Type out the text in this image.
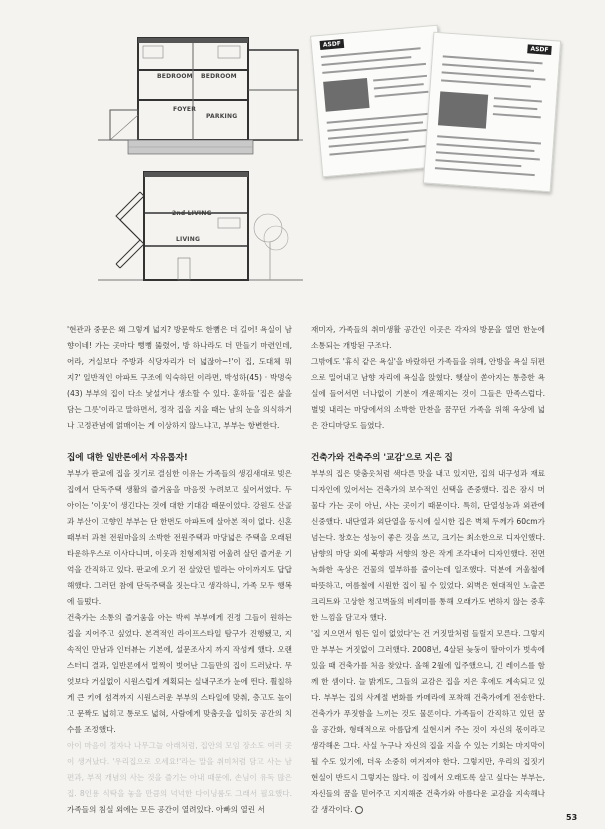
BEDROOM BEDROOM
FOYER
PARKING
2nd LIVING
LIVING
ASDF
ASDF

'현관과 중문은 왜 그렇게 넓지? 방문학도 한뼘은 더 길어! 욕실이 남향이네! 가는 곳마다 뻥뻥 뚫렸어, 방 하나라도 더 만들기 마련인데, 어라, 거실보다 주방과 식당자리가 더 넓잖아~!'이 집, 도대체 뭐지?' 일반적인 아파트 구조에 익숙하던 이라면, 박성하(45) · 박명숙(43) 부부의 집이 다소 낯설거나 생소할 수 있다. 훈하들 '집은 삶을 담는 그릇'이라고 말하면서, 정작 집을 지을 때는 남의 눈을 의식하거나 고정관념에 얽매이는 게 이상하지 않느냐고, 부부는 항변한다.

집에 대한 일반론에서 자유롭자!

부부가 판교에 집을 짓기로 결심한 이유는 가족들의 생김새대로 빚은 집에서 단독주택 생활의 즐거움을 마음껏 누려보고 싶어서였다. 두 아이는 '이웃'이 생긴다는 것에 대한 기대감 때문이었다. 강원도 산골과 부산이 고향인 부부는 단 한번도 아파트에 살아본 적이 없다. 신혼 때부터 과천 전원마을의 소박한 전원주택과 마당넓은 주택을 오래된 타운하우스로 이사다니며, 이웃과 친형제처럼 어울려 살던 즐거운 기억을 간직하고 있다. 판교에 오기 전 살았던 빌라는 아이까지도 답답해했다. 그러던 참에 단독주택을 짓는다고 생각하니, 가족 모두 행복에 들떴다.

건축가는 소통의 즐거움을 아는 박씨 부부에게 진정 그들이 원하는 집을 지어주고 싶었다. 본격적인 라이프스타일 탐구가 진행됐고, 지속적인 만남과 인터뷰는 기본에, 설문조사지 까지 작성케 했다. 오랜 스터디 결과, 일반론에서 멀찍이 벗어난 그들만의 집이 드러났다. 무엇보다 거실없이 시원스럽게 계획되는 실내구조가 눈에 띈다. 휠칠하게 큰 키에 섬격까지 시원스러운 부부의 스타일에 맞춰, 층고도 높이고 문짝도 넓히고 통로도 넓혀, 사람에게 맞춤옷을 입히듯 공간의 치수를 조정했다.

아이 마음이 정자나 나무그늘 아래처럼, 집안의 모임 장소도 여러 곳이 생겨났다. '우리집으로 오세요!'라는 말을 취미처럼 담고 사는 남편과, 부적 개념의 사는 것을 즐기는 아내 때문에, 손님이 유독 많은 집. 8인용 식탁을 놓을 만큼의 넉넉한 다이닝룸도 그래서 필요했다. 가족들의 침실 외에는 모든 공간이 열려있다. 아빠의 열린 서

재미자, 가족들의 취미생활 공간인 이곳은 각자의 방문을 열면 한눈에 소통되는 개방된 구조다.

그밖에도 '휴식 같은 욕실'을 바랐하던 가족들을 위해, 안방을 욕실 뒤편으로 밀어내고 남향 자리에 욕실을 앉혔다. 햇살이 쏟아지는 통층한 욕실에 들어서면 너나없이 기분이 개운해지는 것이 그들은 만족스럽다. 별빛 내리는 마당에서의 소박한 만찬을 꿈꾸던 가족을 위해 옥상에 넓은 잔디마당도 들였다.

건축가와 건축주의 '교감'으로 지은 집

부부의 집은 맞춤옷처럼 색다른 맛을 내고 있지만, 집의 내구성과 재료 디자인에 있어서는 건축가의 보수적인 선택을 존중했다. 집은 잠시 머물다 가는 곳이 아닌, 사는 곳이기 때문이다. 특히, 단열성능과 외관에 신중했다. 내단열과 외단열을 동시에 실시한 집은 벽체 두께가 60cm가 넘는다. 창호는 성능이 좋은 것을 쓰고, 크기는 최소한으로 디자인했다. 남향의 마당 외에 북향과 서향의 창은 작게 조각내어 디자인했다. 전면 녹화한 옥상은 건물의 열부하를 줄이는데 일조했다. 덕분에 겨울철에 따뜻하고, 여름철에 시원한 집이 될 수 있었다. 외벽은 현대적인 노출콘크리트와 고상한 청고벽돌의 비례미를 통해 오래가도 변하지 않는 중후한 느낌을 담고자 했다.

'집 지으면서 힘든 일이 없었다'는 건 거짓말처럼 들릴지 모른다. 그렇지만 부부는 거짓없이 그러했다. 2008년, 4살된 늦둥이 딸아이가 벗속에 있을 때 건축가를 처음 찾았다. 올해 2월에 입주했으니, 긴 레이스를 함께 한 셈이다. 늘 밝게도, 그들의 교감은 집을 지은 후에도 계속되고 있다. 부부는 집의 사계절 변화를 카메라에 포착해 건축가에게 전송한다. 건축가가 푸짓함을 느끼는 것도 물론이다. 가족들이 간직하고 있던 꿈을 공간화, 형태적으로 아름답게 실현시켜 주는 것이 자신의 몫이라고 생각해온 그다. 사실 누구나 자신의 집을 지을 수 있는 기회는 마지막이 될 수도 있기에, 더욱 소중히 여겨져야 한다. 그렇지만, 우리의 집짓기 현실이 반드시 그렇지는 않다. 이 집에서 오래도록 살고 싶다는 부부는, 자신들의 꿈을 믿어주고 지지해준 건축가와 아름다운 교감을 지속해나갈 생각이다.

53
